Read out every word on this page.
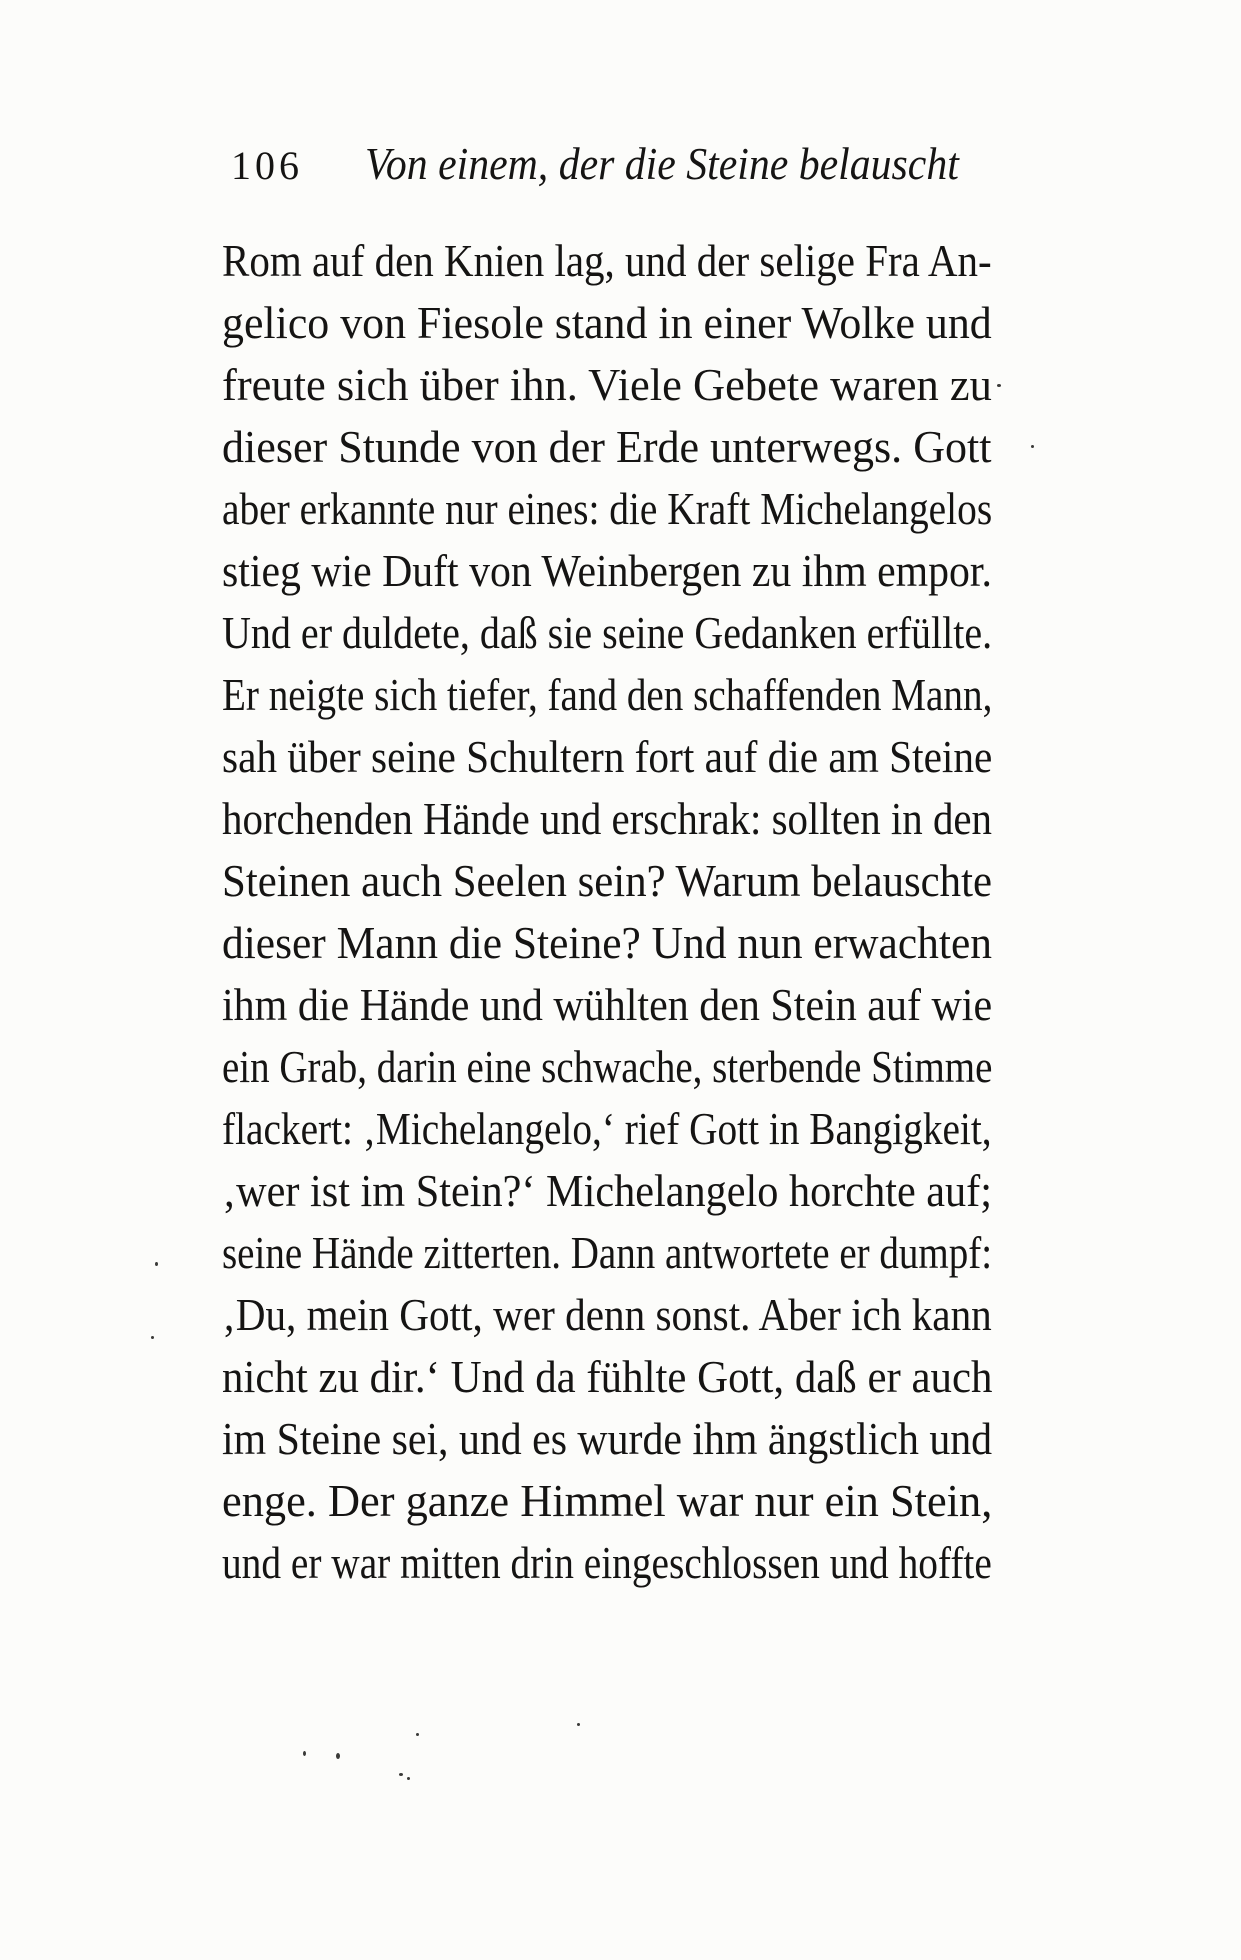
106 Von einem, der die Steine belauscht
Rom auf den Knien lag, und der selige Fra An-
gelico von Fiesole stand in einer Wolke und
freute sich über ihn. Viele Gebete waren zu
dieser Stunde von der Erde unterwegs. Gott
aber erkannte nur eines: die Kraft Michelangelos
stieg wie Duft von Weinbergen zu ihm empor.
Und er duldete, daß sie seine Gedanken erfüllte.
Er neigte sich tiefer, fand den schaffenden Mann,
sah über seine Schultern fort auf die am Steine
horchenden Hände und erschrak: sollten in den
Steinen auch Seelen sein? Warum belauschte
dieser Mann die Steine? Und nun erwachten
ihm die Hände und wühlten den Stein auf wie
ein Grab, darin eine schwache, sterbende Stimme
flackert: ‚Michelangelo,‘ rief Gott in Bangigkeit,
‚wer ist im Stein?‘ Michelangelo horchte auf;
seine Hände zitterten. Dann antwortete er dumpf:
‚Du, mein Gott, wer denn sonst. Aber ich kann
nicht zu dir.‘ Und da fühlte Gott, daß er auch
im Steine sei, und es wurde ihm ängstlich und
enge. Der ganze Himmel war nur ein Stein,
und er war mitten drin eingeschlossen und hoffte
